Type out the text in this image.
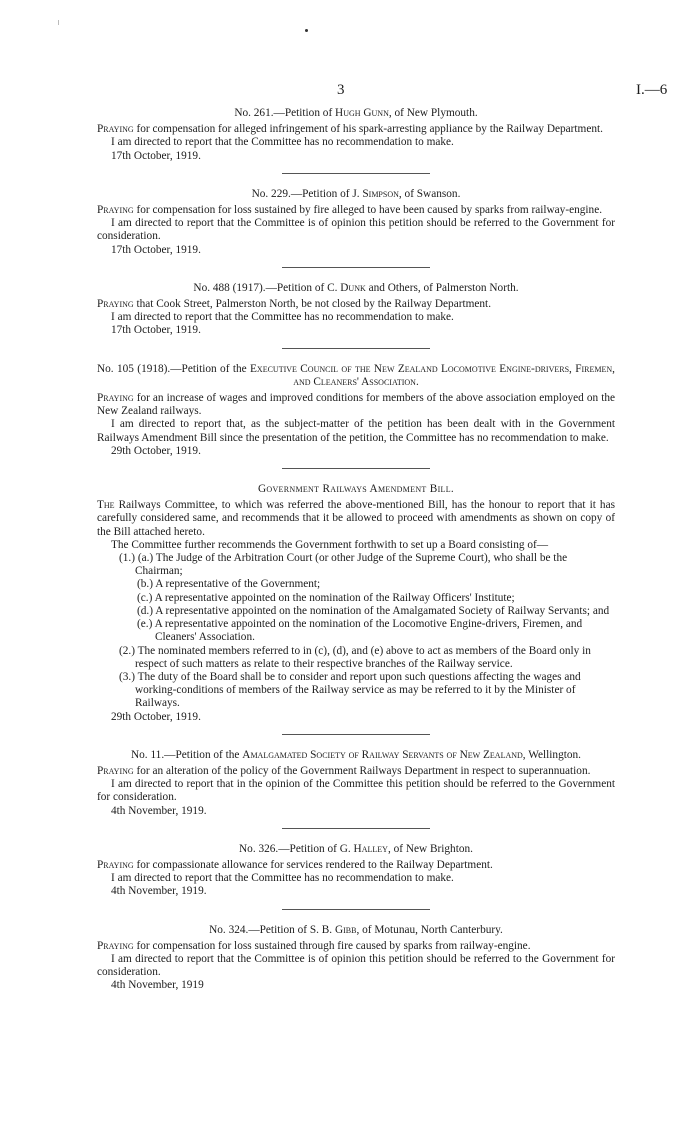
3	I.—6
No. 261.—Petition of Hugh Gunn, of New Plymouth.

Praying for compensation for alleged infringement of his spark-arresting appliance by the Railway Department.

I am directed to report that the Committee has no recommendation to make.

17th October, 1919.

No. 229.—Petition of J. Simpson, of Swanson.

Praying for compensation for loss sustained by fire alleged to have been caused by sparks from railway-engine.

I am directed to report that the Committee is of opinion this petition should be referred to the Government for consideration.

17th October, 1919.

No. 488 (1917).—Petition of C. Dunk and Others, of Palmerston North.

Praying that Cook Street, Palmerston North, be not closed by the Railway Department.

I am directed to report that the Committee has no recommendation to make.

17th October, 1919.

No. 105 (1918).—Petition of the Executive Council of the New Zealand Locomotive Engine-drivers, Firemen, and Cleaners' Association.

Praying for an increase of wages and improved conditions for members of the above association employed on the New Zealand railways.

I am directed to report that, as the subject-matter of the petition has been dealt with in the Government Railways Amendment Bill since the presentation of the petition, the Committee has no recommendation to make.

29th October, 1919.

Government Railways Amendment Bill.

The Railways Committee, to which was referred the above-mentioned Bill, has the honour to report that it has carefully considered same, and recommends that it be allowed to proceed with amendments as shown on copy of the Bill attached hereto.

The Committee further recommends the Government forthwith to set up a Board consisting of—

(1.) (a.) The Judge of the Arbitration Court (or other Judge of the Supreme Court), who shall be the Chairman;
(b.) A representative of the Government;
(c.) A representative appointed on the nomination of the Railway Officers' Institute;
(d.) A representative appointed on the nomination of the Amalgamated Society of Railway Servants; and
(e.) A representative appointed on the nomination of the Locomotive Engine-drivers, Firemen, and Cleaners' Association.
(2.) The nominated members referred to in (c), (d), and (e) above to act as members of the Board only in respect of such matters as relate to their respective branches of the Railway service.
(3.) The duty of the Board shall be to consider and report upon such questions affecting the wages and working-conditions of members of the Railway service as may be referred to it by the Minister of Railways.

29th October, 1919.

No. 11.—Petition of the Amalgamated Society of Railway Servants of New Zealand, Wellington.

Praying for an alteration of the policy of the Government Railways Department in respect to superannuation.

I am directed to report that in the opinion of the Committee this petition should be referred to the Government for consideration.

4th November, 1919.

No. 326.—Petition of G. Halley, of New Brighton.

Praying for compassionate allowance for services rendered to the Railway Department.

I am directed to report that the Committee has no recommendation to make.

4th November, 1919.

No. 324.—Petition of S. B. Gibb, of Motunau, North Canterbury.

Praying for compensation for loss sustained through fire caused by sparks from railway-engine.

I am directed to report that the Committee is of opinion this petition should be referred to the Government for consideration.

4th November, 1919
